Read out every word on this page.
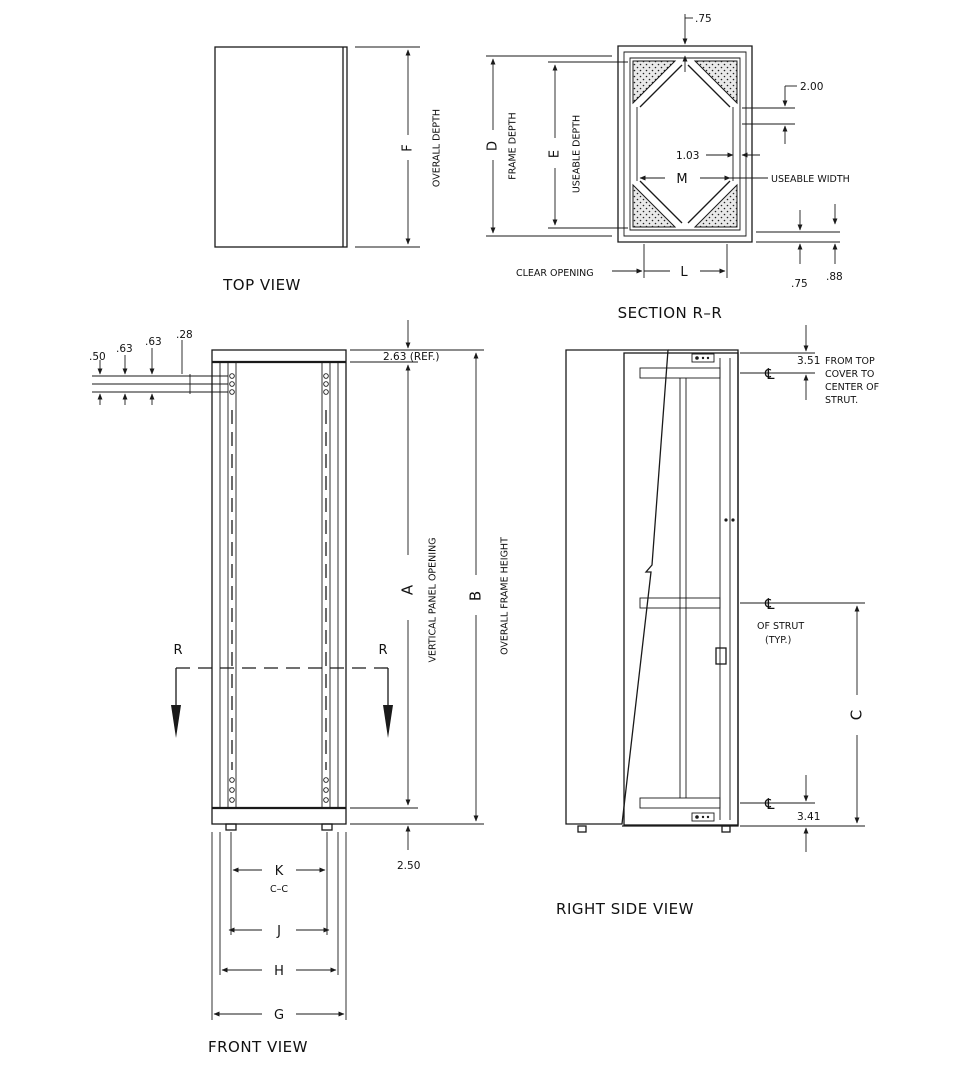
F OVERALL DEPTH
TOP VIEW
.75
D FRAME DEPTH E USEABLE DEPTH
2.00
1.03
M	USEABLE WIDTH
.75
.88
L
CLEAR OPENING
SECTION R–R
.50
.63
.63
.28
2.63 (REF.)
A VERTICAL PANEL OPENING B OVERALL FRAME HEIGHT
2.50
R	R
K
C–C
J
H
G
FRONT VIEW
℄
3.51 FROM TOP
COVER TO
CENTER OF
STRUT.
℄
OF STRUT
(TYP.)
C
℄
3.41
RIGHT SIDE VIEW
